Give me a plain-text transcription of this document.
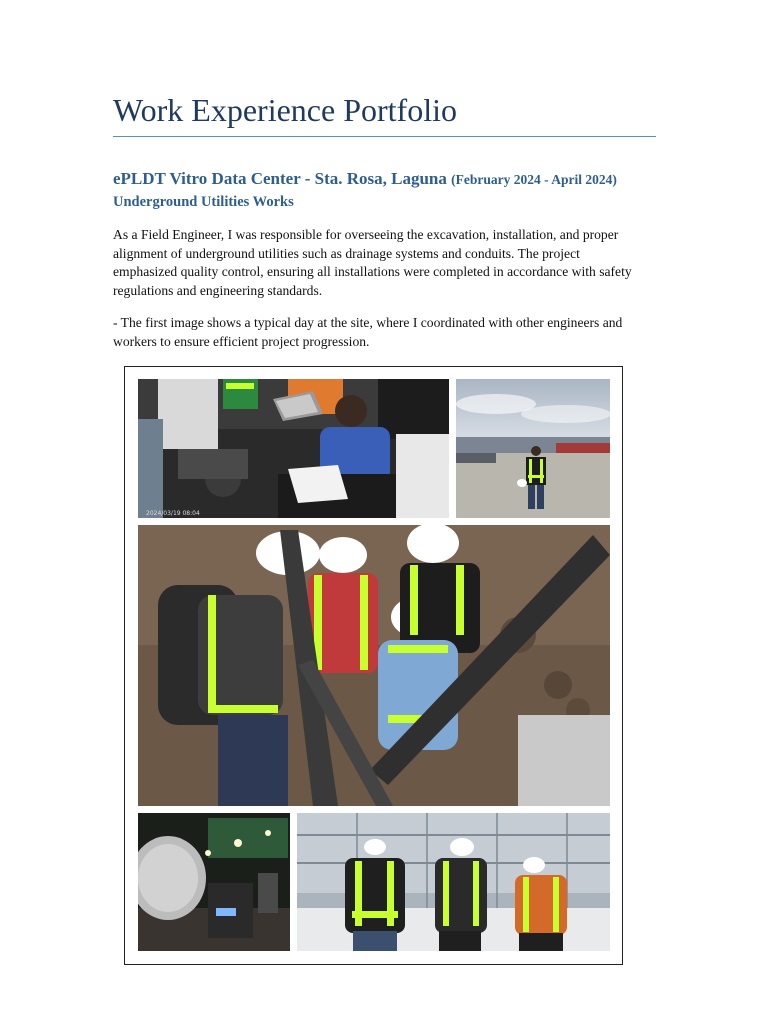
Work Experience Portfolio
ePLDT Vitro Data Center - Sta. Rosa, Laguna (February 2024 - April 2024)
Underground Utilities Works

As a Field Engineer, I was responsible for overseeing the excavation, installation, and proper alignment of underground utilities such as drainage systems and conduits. The project emphasized quality control, ensuring all installations were completed in accordance with safety regulations and engineering standards.

- The first image shows a typical day at the site, where I coordinated with other engineers and workers to ensure efficient project progression.

2024/03/19 08:04
